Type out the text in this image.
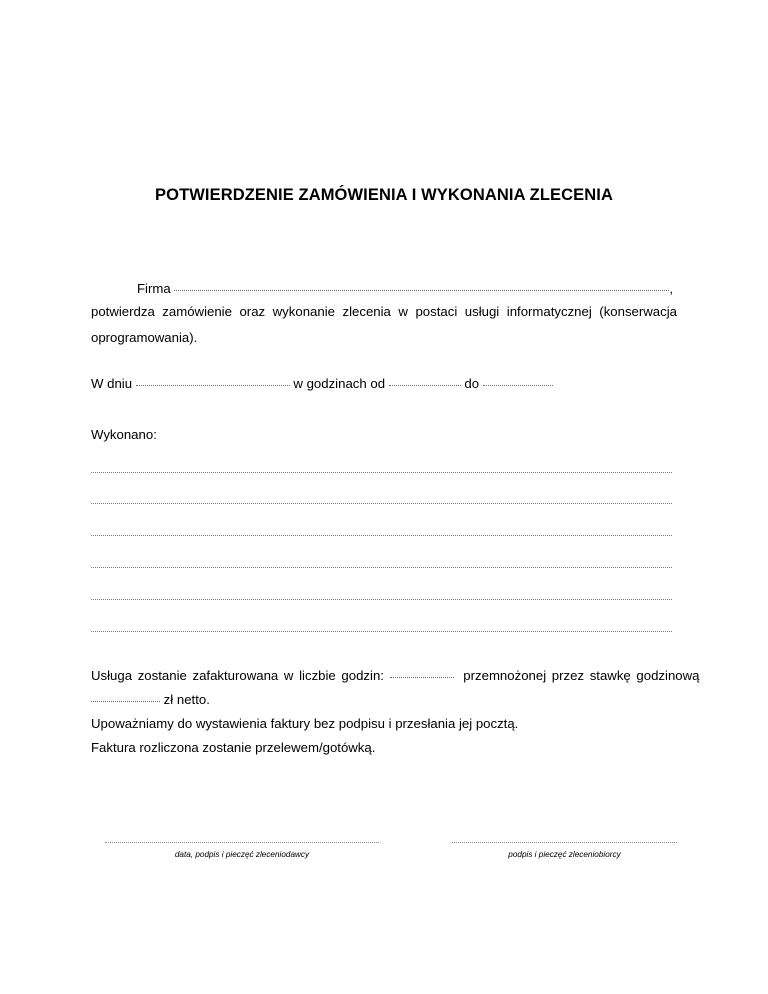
POTWIERDZENIE ZAMÓWIENIA I WYKONANIA ZLECENIA
Firma	,
potwierdza zamówienie oraz wykonanie zlecenia w postaci usługi informatycznej (konserwacja
oprogramowania).
W dniu	w godzinach od	do
Wykonano:
Usługa zostanie zafakturowana w liczbie godzin:	przemnożonej przez stawkę godzinową
zł netto.
Upoważniamy do wystawienia faktury bez podpisu i przesłania jej pocztą.
Faktura rozliczona zostanie przelewem/gotówką.
data, podpis i pieczęć zleceniodawcy	podpis i pieczęć zleceniobiorcy
